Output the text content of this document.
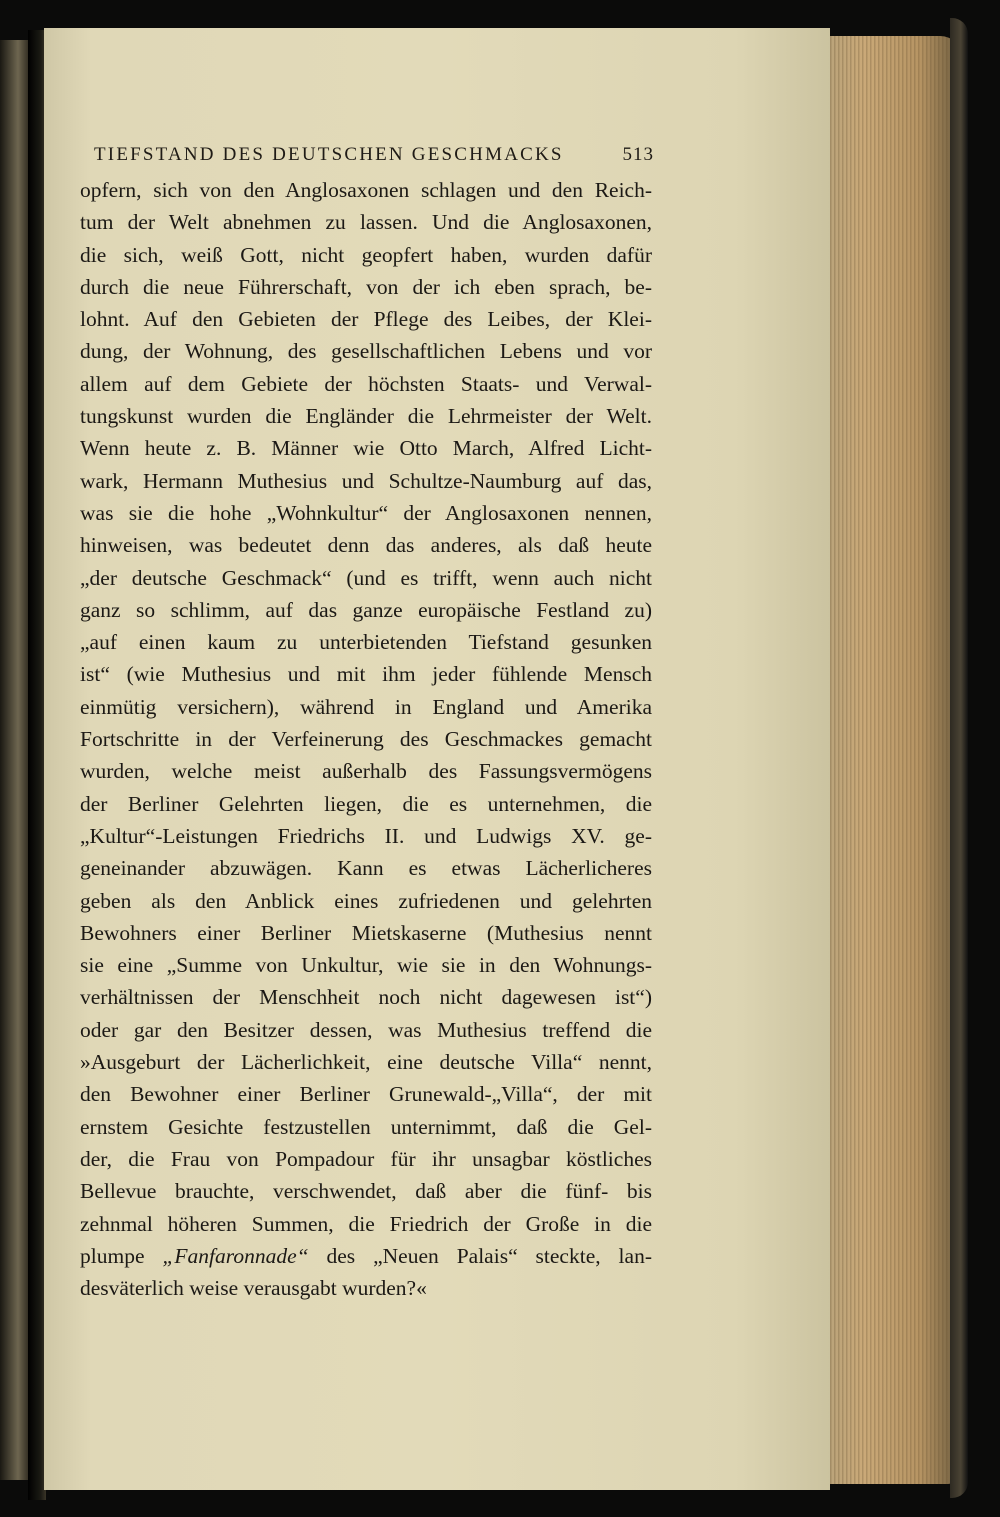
TIEFSTAND DES DEUTSCHEN GESCHMACKS	513
opfern, sich von den Anglosaxonen schlagen und den Reich-
tum der Welt abnehmen zu lassen. Und die Anglosaxonen,
die sich, weiß Gott, nicht geopfert haben, wurden dafür
durch die neue Führerschaft, von der ich eben sprach, be-
lohnt. Auf den Gebieten der Pflege des Leibes, der Klei-
dung, der Wohnung, des gesellschaftlichen Lebens und vor
allem auf dem Gebiete der höchsten Staats- und Verwal-
tungskunst wurden die Engländer die Lehrmeister der Welt.
Wenn heute z. B. Männer wie Otto March, Alfred Licht-
wark, Hermann Muthesius und Schultze-Naumburg auf das,
was sie die hohe „Wohnkultur“ der Anglosaxonen nennen,
hinweisen, was bedeutet denn das anderes, als daß heute
„der deutsche Geschmack“ (und es trifft, wenn auch nicht
ganz so schlimm, auf das ganze europäische Festland zu)
„auf einen kaum zu unterbietenden Tiefstand gesunken
ist“ (wie Muthesius und mit ihm jeder fühlende Mensch
einmütig versichern), während in England und Amerika
Fortschritte in der Verfeinerung des Geschmackes gemacht
wurden, welche meist außerhalb des Fassungsvermögens
der Berliner Gelehrten liegen, die es unternehmen, die
„Kultur“-Leistungen Friedrichs II. und Ludwigs XV. ge-
geneinander abzuwägen. Kann es etwas Lächerlicheres
geben als den Anblick eines zufriedenen und gelehrten
Bewohners einer Berliner Mietskaserne (Muthesius nennt
sie eine „Summe von Unkultur, wie sie in den Wohnungs-
verhältnissen der Menschheit noch nicht dagewesen ist“)
oder gar den Besitzer dessen, was Muthesius treffend die
»Ausgeburt der Lächerlichkeit, eine deutsche Villa“ nennt,
den Bewohner einer Berliner Grunewald-„Villa“, der mit
ernstem Gesichte festzustellen unternimmt, daß die Gel-
der, die Frau von Pompadour für ihr unsagbar köstliches
Bellevue brauchte, verschwendet, daß aber die fünf- bis
zehnmal höheren Summen, die Friedrich der Große in die
plumpe „Fanfaronnade“ des „Neuen Palais“ steckte, lan-
desväterlich weise verausgabt wurden?«
